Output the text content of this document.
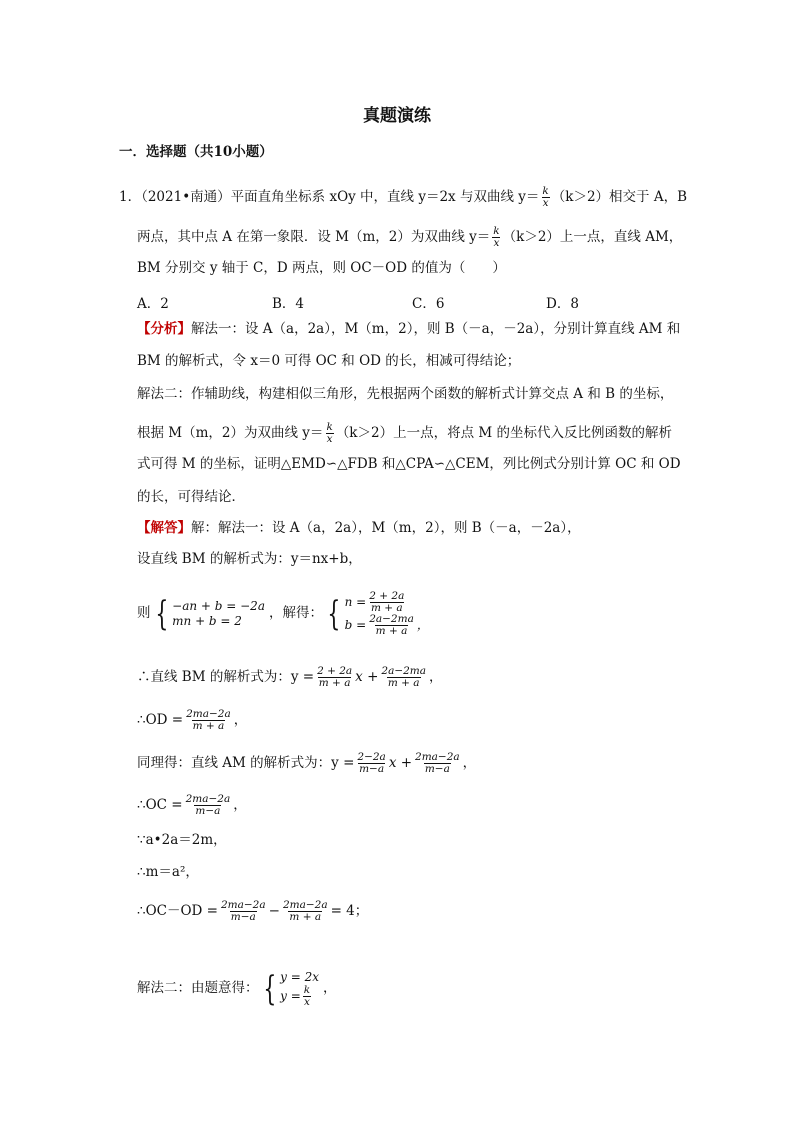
真题演练
一．选择题（共10小题）
1．（2021•南通）平面直角坐标系 xOy 中，直线 y＝2x 与双曲线 $y= \frac{k}{x} (k>2)$相交于 A，B
两点，其中点 A 在第一象限．设 M（m，2）为双曲线 $y= \frac{k}{x} (k>2)$上一点，直线 AM，
BM 分别交 y 轴于 C，D 两点，则 OC－OD 的值为（　　）
A．2	B．4	C．6	D．8
【分析】解法一：设 A（a，2a），M（m，2），则 B（－a，－2a），分别计算直线 AM 和
BM 的解析式，令 x＝0 可得 OC 和 OD 的长，相减可得结论；
解法二：作辅助线，构建相似三角形，先根据两个函数的解析式计算交点 A 和 B 的坐标，
根据 M（m，2）为双曲线 $y= \frac{k}{x} (k>2)$上一点，将点 M 的坐标代入反比例函数的解析
式可得 M 的坐标，证明△EMD∽△FDB 和△CPA∽△CEM，列比例式分别计算 OC 和 OD
的长，可得结论．
【解答】解：解法一：设 A（a，2a），M（m，2），则 B（－a，－2a），
设直线 BM 的解析式为：y＝nx+b，
则 { −an + b = −2a
mn + b = 2	，解得： { $n = \frac{2 + 2a}{m + a}$
$b = \frac{2a-2ma}{m + a}$ ，
∴直线 BM 的解析式为：$y = \frac{2 + 2a}{m + a}$ $x + \frac{2a-2ma}{m + a}$ ，
∴OD = $\frac{2ma-2a}{m + a}$ ，
同理得：直线 AM 的解析式为：$y = \frac{2-2a}{m-a}$ $x + \frac{2ma-2a}{m-a}$ ，
∴OC = $\frac{2ma-2a}{m-a}$ ，
∵a•2a＝2m，
∴m＝a²，
∴OC－OD = $\frac{2ma-2a}{m-a} - \frac{2ma-2a}{m + a} = 4$；
解法二：由题意得： { y = 2x
$y = \frac{k}{x}$ ，
